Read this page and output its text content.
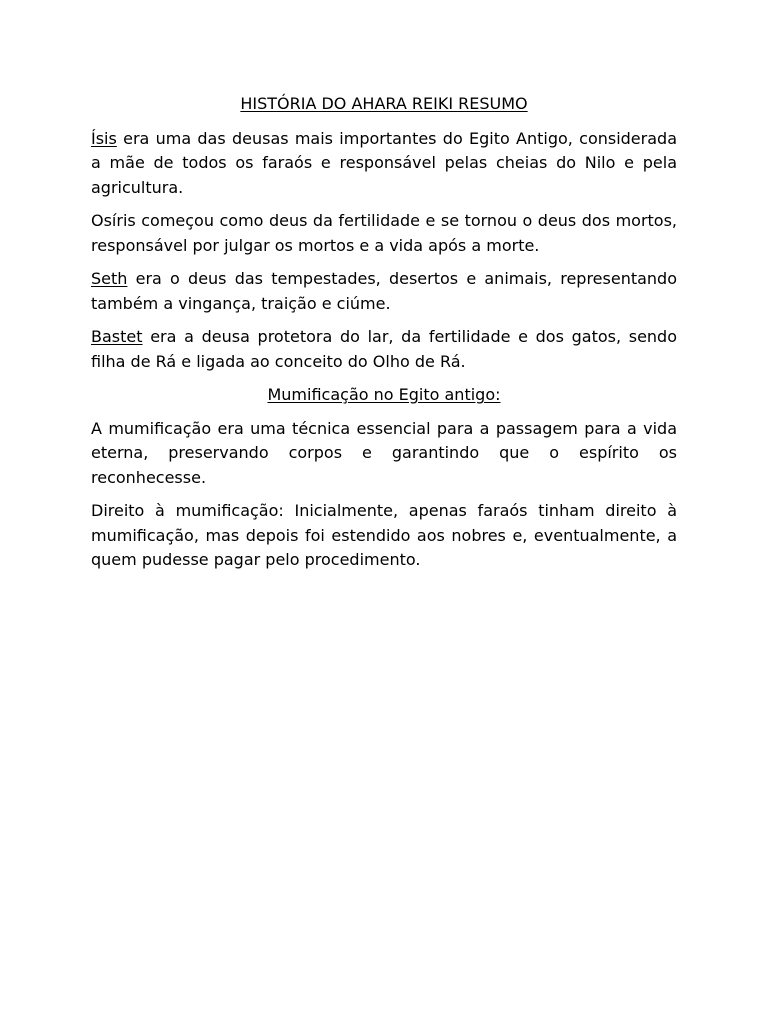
HISTÓRIA DO AHARA REIKI RESUMO

Ísis era uma das deusas mais importantes do Egito Antigo, considerada a mãe de todos os faraós e responsável pelas cheias do Nilo e pela agricultura.

Osíris começou como deus da fertilidade e se tornou o deus dos mortos, responsável por julgar os mortos e a vida após a morte.

Seth era o deus das tempestades, desertos e animais, representando também a vingança, traição e ciúme.

Bastet era a deusa protetora do lar, da fertilidade e dos gatos, sendo filha de Rá e ligada ao conceito do Olho de Rá.

Mumificação no Egito antigo:

A mumificação era uma técnica essencial para a passagem para a vida eterna, preservando corpos e garantindo que o espírito os reconhecesse.

Direito à mumificação: Inicialmente, apenas faraós tinham direito à mumificação, mas depois foi estendido aos nobres e, eventualmente, a quem pudesse pagar pelo procedimento.
